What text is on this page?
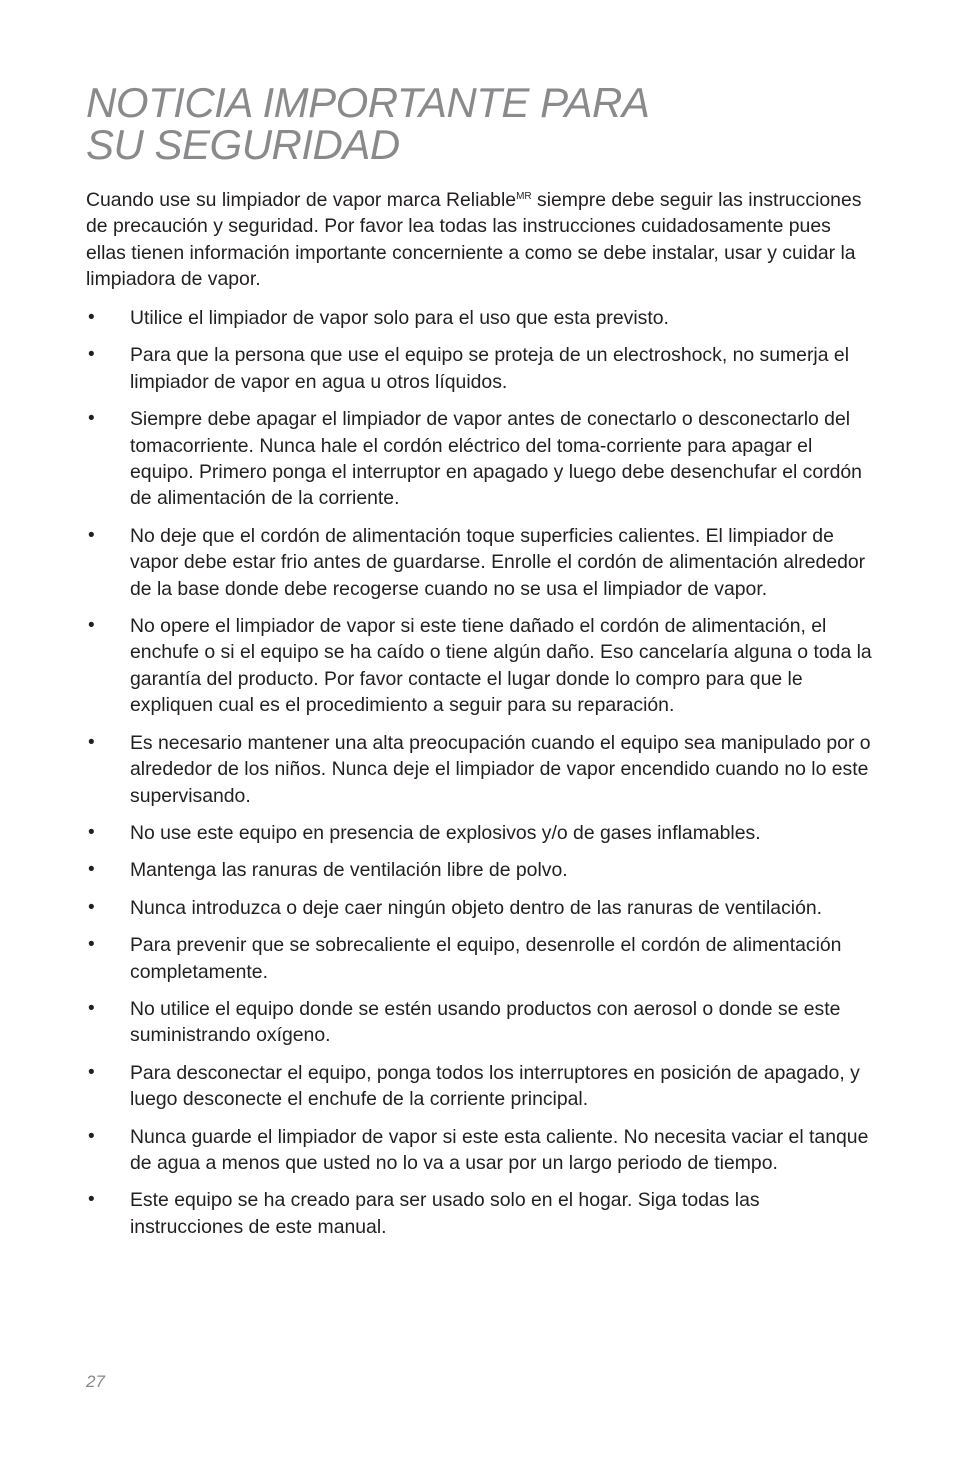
NOTICIA IMPORTANTE PARA
SU SEGURIDAD

Cuando use su limpiador de vapor marca Reliable$^{MR}$ siempre debe seguir las instrucciones de precaución y seguridad. Por favor lea todas las instrucciones cuidadosamente pues ellas tienen información importante concerniente a como se debe instalar, usar y cuidar la limpiadora de vapor.

• Utilice el limpiador de vapor solo para el uso que esta previsto.
• Para que la persona que use el equipo se proteja de un electroshock, no sumerja el limpiador de vapor en agua u otros líquidos.
• Siempre debe apagar el limpiador de vapor antes de conectarlo o desconectarlo del tomacorriente. Nunca hale el cordón eléctrico del toma-corriente para apagar el equipo. Primero ponga el interruptor en apagado y luego debe desenchufar el cordón de alimentación de la corriente.
• No deje que el cordón de alimentación toque superficies calientes. El limpiador de vapor debe estar frio antes de guardarse. Enrolle el cordón de alimentación alrededor de la base donde debe recogerse cuando no se usa el limpiador de vapor.
• No opere el limpiador de vapor si este tiene dañado el cordón de alimentación, el enchufe o si el equipo se ha caído o tiene algún daño. Eso cancelaría alguna o toda la garantía del producto. Por favor contacte el lugar donde lo compro para que le expliquen cual es el procedimiento a seguir para su reparación.
• Es necesario mantener una alta preocupación cuando el equipo sea manipulado por o alrededor de los niños. Nunca deje el limpiador de vapor encendido cuando no lo este supervisando.
• No use este equipo en presencia de explosivos y/o de gases inflamables.
• Mantenga las ranuras de ventilación libre de polvo.
• Nunca introduzca o deje caer ningún objeto dentro de las ranuras de ventilación.
• Para prevenir que se sobrecaliente el equipo, desenrolle el cordón de alimentación completamente.
• No utilice el equipo donde se estén usando productos con aerosol o donde se este suministrando oxígeno.
• Para desconectar el equipo, ponga todos los interruptores en posición de apagado, y luego desconecte el enchufe de la corriente principal.
• Nunca guarde el limpiador de vapor si este esta caliente. No necesita vaciar el tanque de agua a menos que usted no lo va a usar por un largo periodo de tiempo.
• Este equipo se ha creado para ser usado solo en el hogar. Siga todas las instrucciones de este manual.
27
